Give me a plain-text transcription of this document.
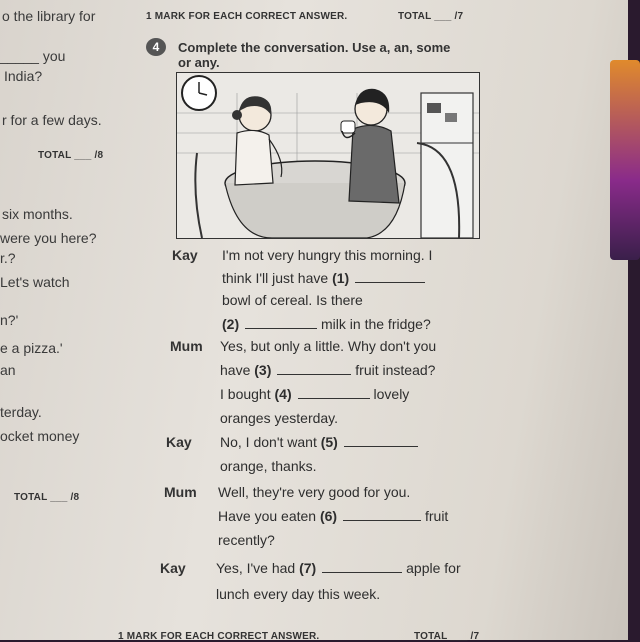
o the library for
_____ you
India?
r for a few days.
TOTAL ___ /8
six months.
were you here?
r.?
Let's watch
n?'
e a pizza.'
an
terday.
ocket money
TOTAL ___ /8
1 MARK FOR EACH CORRECT ANSWER.	TOTAL ___ /7
4	Complete the conversation. Use a, an, some
or any.
1 MARK FOR EACH CORRECT ANSWER.	TOTAL ___ /7
Kay I'm not very hungry this morning. I
think I'll just have (1)
bowl of cereal. Is there
(2)	milk in the fridge?
Mum Yes, but only a little. Why don't you
have (3)	fruit instead?
I bought (4)	lovely
oranges yesterday.
Kay No, I don't want (5)
orange, thanks.
Mum Well, they're very good for you.
Have you eaten (6)	fruit
recently?
Kay Yes, I've had (7)	apple for
lunch every day this week.
